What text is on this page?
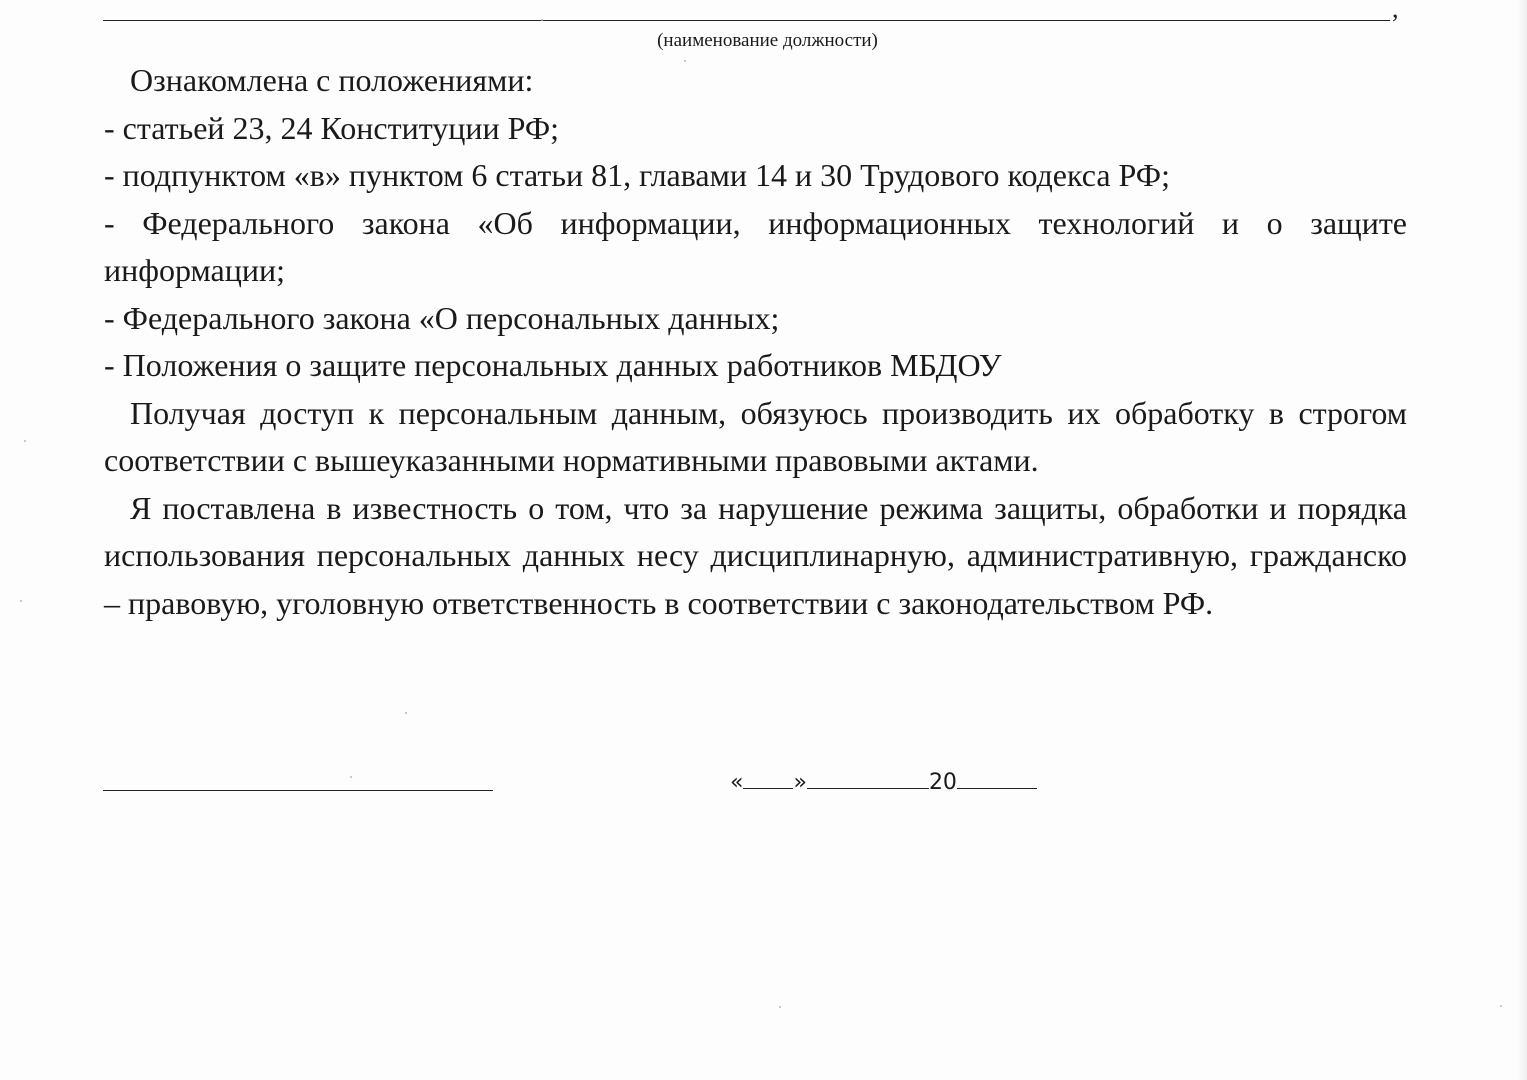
,
(наименование должности)

Ознакомлена с положениями:

- статьей 23, 24 Конституции РФ;

- подпунктом «в» пунктом 6 статьи 81, главами 14 и 30 Трудового кодекса РФ;

- Федерального закона «Об информации, информационных технологий и о защите

информации;

- Федерального закона «О персональных данных;

- Положения о защите персональных данных работников МБДОУ

Получая доступ к персональным данным, обязуюсь производить их обработку в строгом соответствии с вышеуказанными нормативными правовыми актами.

Я поставлена в известность о том, что за нарушение режима защиты, обработки и порядка использования персональных данных несу дисциплинарную, административную, гражданско – правовую, уголовную ответственность в соответствии с законодательством РФ.

« »	20
